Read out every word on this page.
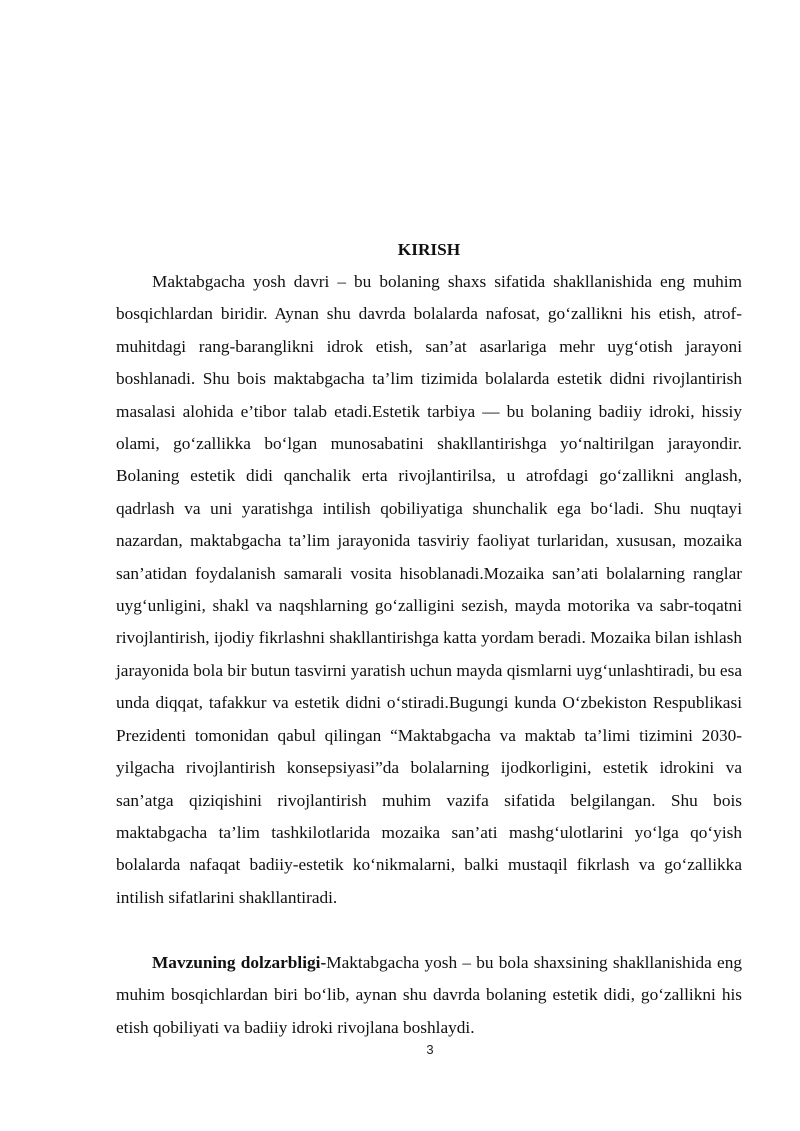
KIRISH

Maktabgacha yosh davri – bu bolaning shaxs sifatida shakllanishida eng muhim bosqichlardan biridir. Aynan shu davrda bolalarda nafosat, go‘zallikni his etish, atrof-muhitdagi rang-baranglikni idrok etish, san’at asarlariga mehr uyg‘otish jarayoni boshlanadi. Shu bois maktabgacha ta’lim tizimida bolalarda estetik didni rivojlantirish masalasi alohida e’tibor talab etadi.Estetik tarbiya — bu bolaning badiiy idroki, hissiy olami, go‘zallikka bo‘lgan munosabatini shakllantirishga yo‘naltirilgan jarayondir. Bolaning estetik didi qanchalik erta rivojlantirilsa, u atrofdagi go‘zallikni anglash, qadrlash va uni yaratishga intilish qobiliyatiga shunchalik ega bo‘ladi. Shu nuqtayi nazardan, maktabgacha ta’lim jarayonida tasviriy faoliyat turlaridan, xususan, mozaika san’atidan foydalanish samarali vosita hisoblanadi.Mozaika san’ati bolalarning ranglar uyg‘unligini, shakl va naqshlarning go‘zalligini sezish, mayda motorika va sabr-toqatni rivojlantirish, ijodiy fikrlashni shakllantirishga katta yordam beradi. Mozaika bilan ishlash jarayonida bola bir butun tasvirni yaratish uchun mayda qismlarni uyg‘unlashtiradi, bu esa unda diqqat, tafakkur va estetik didni o‘stiradi.Bugungi kunda O‘zbekiston Respublikasi Prezidenti tomonidan qabul qilingan “Maktabgacha va maktab ta’limi tizimini 2030-yilgacha rivojlantirish konsepsiyasi”da bolalarning ijodkorligini, estetik idrokini va san’atga qiziqishini rivojlantirish muhim vazifa sifatida belgilangan. Shu bois maktabgacha ta’lim tashkilotlarida mozaika san’ati mashg‘ulotlarini yo‘lga qo‘yish bolalarda nafaqat badiiy-estetik ko‘nikmalarni, balki mustaqil fikrlash va go‘zallikka intilish sifatlarini shakllantiradi.

Mavzuning dolzarbligi-Maktabgacha yosh – bu bola shaxsining shakllanishida eng muhim bosqichlardan biri bo‘lib, aynan shu davrda bolaning estetik didi, go‘zallikni his etish qobiliyati va badiiy idroki rivojlana boshlaydi.

3
